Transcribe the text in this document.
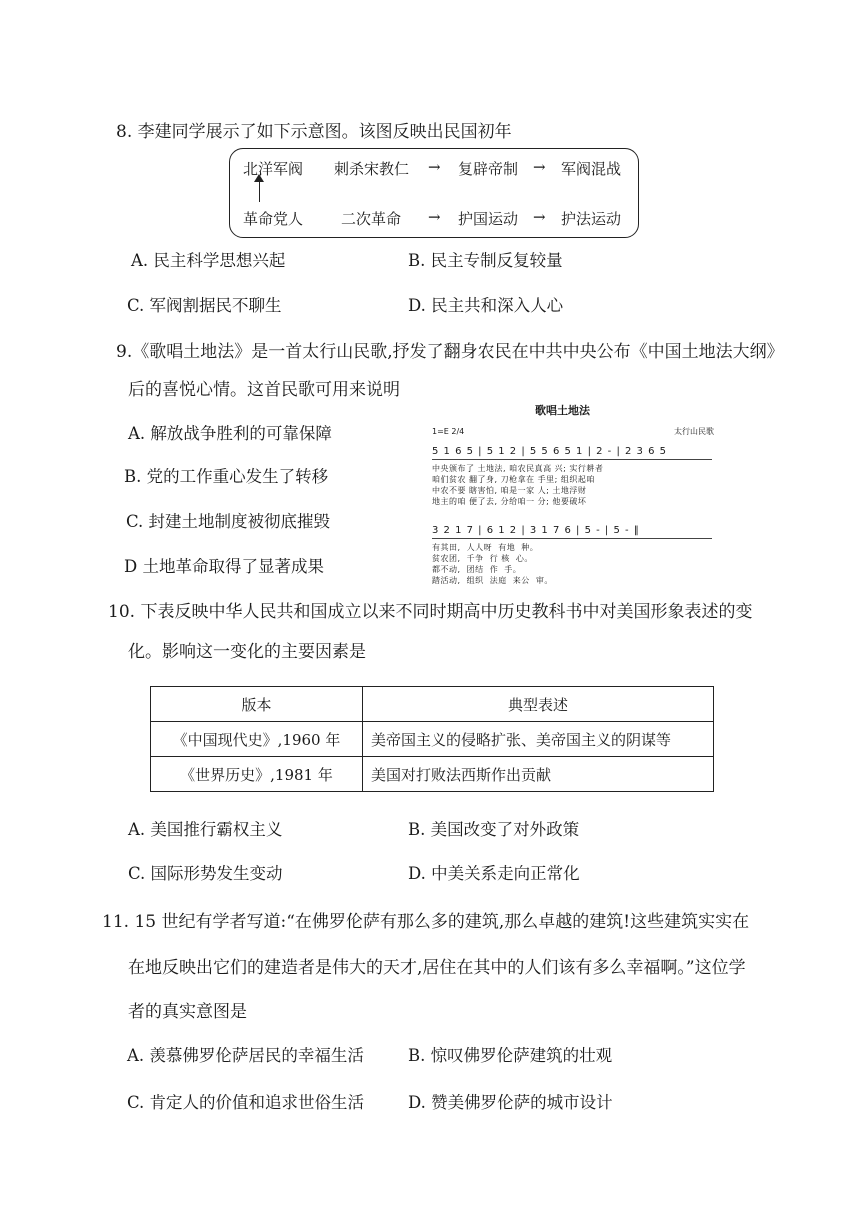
8. 李建同学展示了如下示意图。该图反映出民国初年
北洋军阀 刺杀宋教仁 → 复辟帝制 → 军阀混战
革命党人	二次革命 → 护国运动 → 护法运动
A. 民主科学思想兴起	B. 民主专制反复较量
C. 军阀割据民不聊生	D. 民主共和深入人心
9.《歌唱土地法》是一首太行山民歌,抒发了翻身农民在中共中央公布《中国土地法大纲》
后的喜悦心情。这首民歌可用来说明
A. 解放战争胜利的可靠保障
B. 党的工作重心发生了转移
C. 封建土地制度被彻底摧毁
D 土地革命取得了显著成果
歌唱土地法
1=E 2/4	太行山民歌
5 1 6 5 | 5 1 2 | 5 5 6 5 1 | 2 - | 2 3 6 5
中央颁布了 土地法, 咱农民真高 兴; 实行耕者
咱们贫农 翻了身, 刀枪拿在 手里; 组织起咱
中农不要 瞎害怕, 咱是一家 人; 土地浮财
地主的咱 便了去, 分给咱一 分; 他要破坏
3 2 1 7 | 6 1 2 | 3 1 7 6 | 5 - | 5 - ‖
有其田,  人人呀  有地  种。
贫农团,  千争  行 核  心。
都不动,  团结  作  手。
踏活动,  组织  法庭  来公  审。
10. 下表反映中华人民共和国成立以来不同时期高中历史教科书中对美国形象表述的变
化。影响这一变化的主要因素是
版本	典型表述
《中国现代史》,1960 年	美帝国主义的侵略扩张、美帝国主义的阴谋等
《世界历史》,1981 年	美国对打败法西斯作出贡献
A. 美国推行霸权主义	B. 美国改变了对外政策
C. 国际形势发生变动	D. 中美关系走向正常化
11. 15 世纪有学者写道:“在佛罗伦萨有那么多的建筑,那么卓越的建筑!这些建筑实实在
在地反映出它们的建造者是伟大的天才,居住在其中的人们该有多么幸福啊。”这位学
者的真实意图是
A. 羡慕佛罗伦萨居民的幸福生活	B. 惊叹佛罗伦萨建筑的壮观
C. 肯定人的价值和追求世俗生活	D. 赞美佛罗伦萨的城市设计
